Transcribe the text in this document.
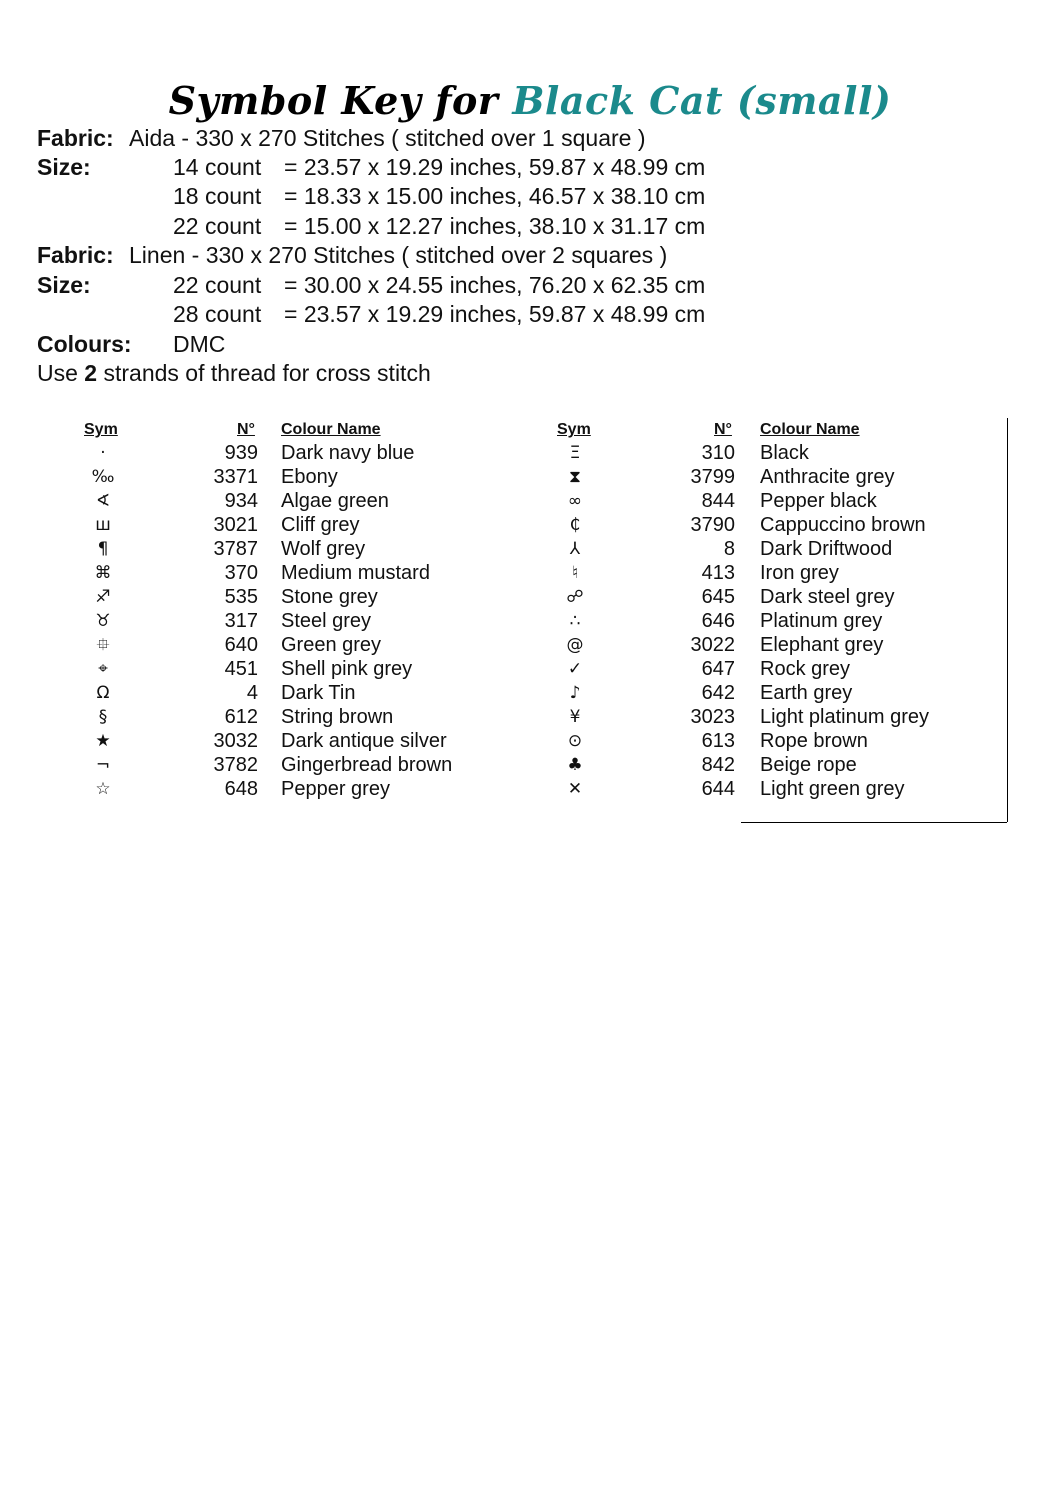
Symbol Key for Black Cat (small)
Fabric: Aida - 330 x 270 Stitches ( stitched over 1 square )
Size:	14 count = 23.57 x 19.29 inches, 59.87 x 48.99 cm
18 count = 18.33 x 15.00 inches, 46.57 x 38.10 cm
22 count = 15.00 x 12.27 inches, 38.10 x 31.17 cm
Fabric: Linen - 330 x 270 Stitches ( stitched over 2 squares )
Size:	22 count = 30.00 x 24.55 inches, 76.20 x 62.35 cm
28 count = 23.57 x 19.29 inches, 59.87 x 48.99 cm
Colours: DMC
Use 2 strands of thread for cross stitch
Sym	N° Colour Name
·	939 Dark navy blue
‰	3371 Ebony
∢	934 Algae green
ш	3021 Cliff grey
¶	3787 Wolf grey
⌘	370 Medium mustard
♐	535 Stone grey
♉	317 Steel grey
⯐	640 Green grey
⌖	451 Shell pink grey
Ω	4 Dark Tin
§	612 String brown
★	3032 Dark antique silver
¬	3782 Gingerbread brown
☆	648 Pepper grey
Sym	N° Colour Name
Ξ	310 Black
⧗	3799 Anthracite grey
∞	844 Pepper black
₵	3790 Cappuccino brown
⅄	8 Dark Driftwood
♮	413 Iron grey
☍	645 Dark steel grey
∴	646 Platinum grey
@	3022 Elephant grey
✓	647 Rock grey
♪	642 Earth grey
¥	3023 Light platinum grey
⊙	613 Rope brown
♣	842 Beige rope
✕	644 Light green grey
